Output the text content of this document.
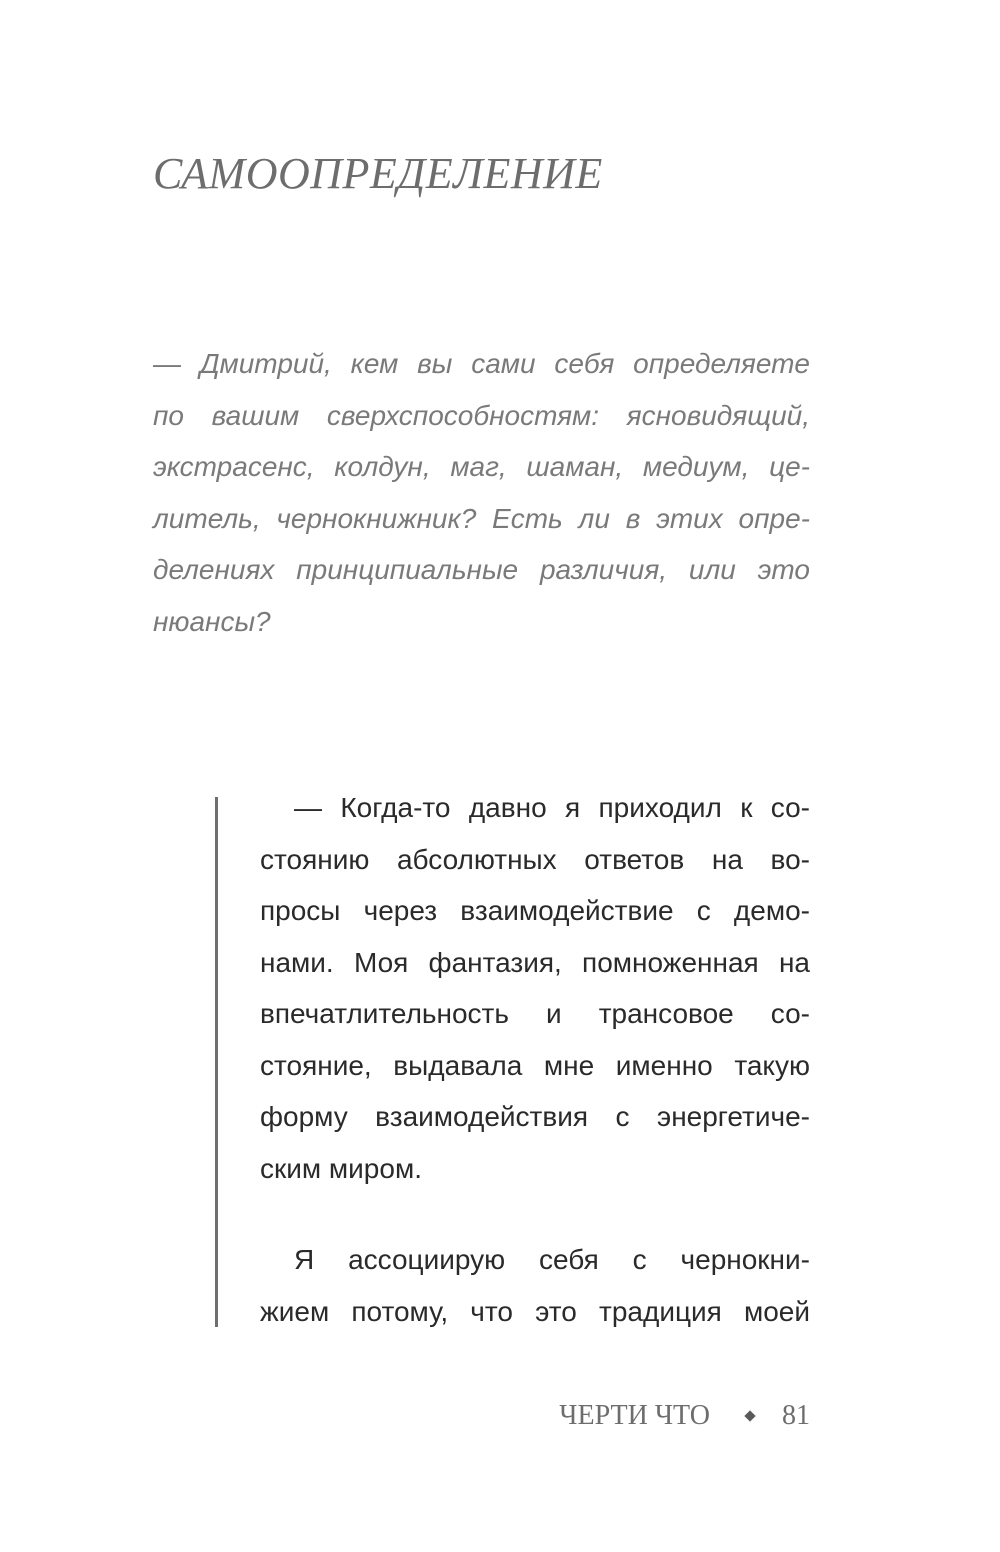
САМООПРЕДЕЛЕНИЕ
— Дмитрий, кем вы сами себя определяете
по вашим сверхспособностям: ясновидящий,
экстрасенс, колдун, маг, шаман, медиум, це-
литель, чернокнижник? Есть ли в этих опре-
делениях принципиальные различия, или это
нюансы?
— Когда-то давно я приходил к со-
стоянию абсолютных ответов на во-
просы через взаимодействие с демо-
нами. Моя фантазия, помноженная на
впечатлительность и трансовое со-
стояние, выдавала мне именно такую
форму взаимодействия с энергетиче-
ским миром.
Я ассоциирую себя с чернокни-
жием потому, что это традиция моей
ЧЕРТИ ЧТО	81
